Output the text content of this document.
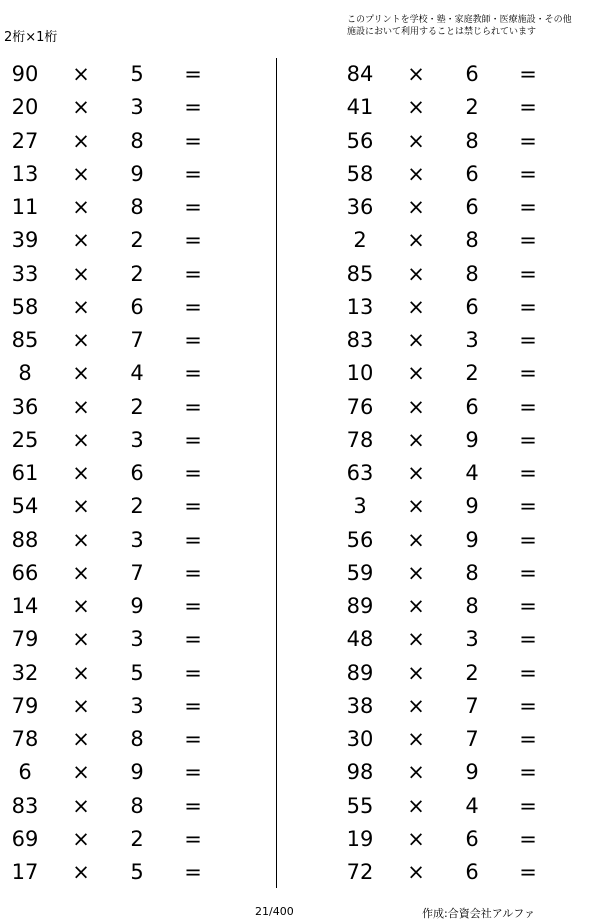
2桁×1桁
このプリントを学校・塾・家庭教師・医療施設・その他
施設において利用することは禁じられています
90	×	5	=
20	×	3	=
27	×	8	=
13	×	9	=
11	×	8	=
39	×	2	=
33	×	2	=
58	×	6	=
85	×	7	=
8	×	4	=
36	×	2	=
25	×	3	=
61	×	6	=
54	×	2	=
88	×	3	=
66	×	7	=
14	×	9	=
79	×	3	=
32	×	5	=
79	×	3	=
78	×	8	=
6	×	9	=
83	×	8	=
69	×	2	=
17	×	5	=
84	×	6	=
41	×	2	=
56	×	8	=
58	×	6	=
36	×	6	=
2	×	8	=
85	×	8	=
13	×	6	=
83	×	3	=
10	×	2	=
76	×	6	=
78	×	9	=
63	×	4	=
3	×	9	=
56	×	9	=
59	×	8	=
89	×	8	=
48	×	3	=
89	×	2	=
38	×	7	=
30	×	7	=
98	×	9	=
55	×	4	=
19	×	6	=
72	×	6	=
21/400	作成:合資会社アルファ
